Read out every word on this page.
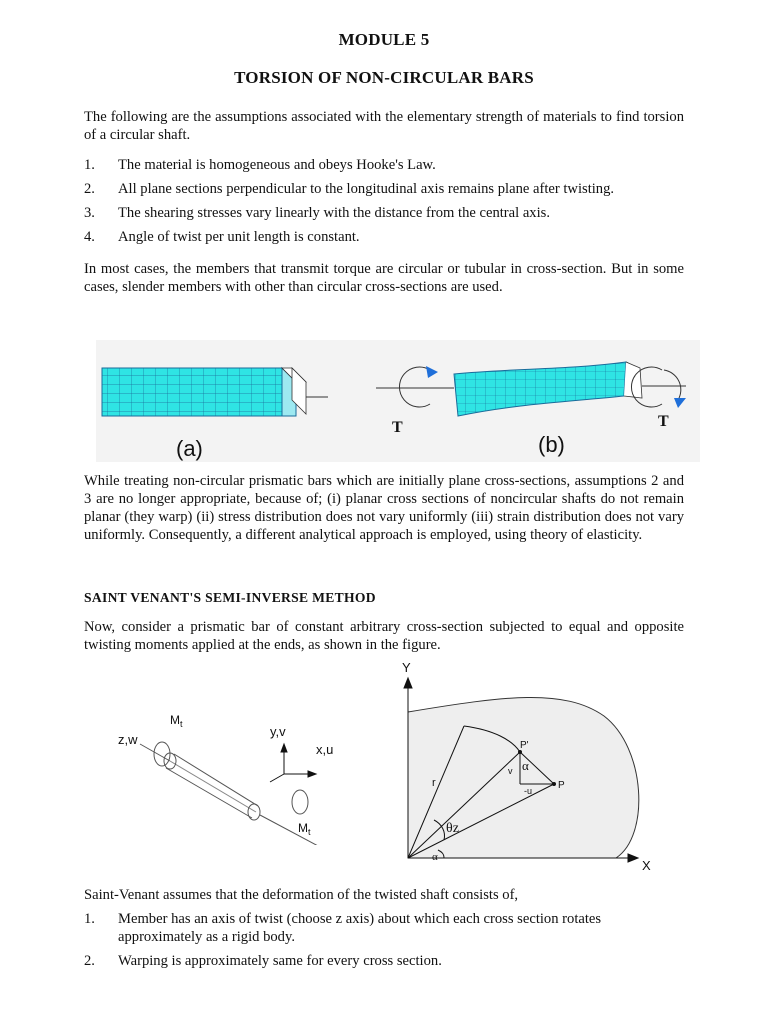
MODULE 5
TORSION OF NON-CIRCULAR BARS
The following are the assumptions associated with the elementary strength of materials to find torsion of a circular shaft.
1. The material is homogeneous and obeys Hooke's Law.
2. All plane sections perpendicular to the longitudinal axis remains plane after twisting.
3. The shearing stresses vary linearly with the distance from the central axis.
4. Angle of twist per unit length is constant.
In most cases, the members that transmit torque are circular or tubular in cross-section. But in some cases, slender members with other than circular cross-sections are used.
T	T
(a)	(b)
While treating non-circular prismatic bars which are initially plane cross-sections, assumptions 2 and 3 are no longer appropriate, because of; (i) planar cross sections of noncircular shafts do not remain planar (they warp) (ii) stress distribution does not vary uniformly (iii) strain distribution does not vary uniformly. Consequently, a different analytical approach is employed, using theory of elasticity.
SAINT VENANT'S SEMI-INVERSE METHOD
Now, consider a prismatic bar of constant arbitrary cross-section subjected to equal and opposite twisting moments applied at the ends, as shown in the figure.
z,w
$M_t$	y,v
x,u
$M_t$
Y
X
r
P'
P
v α
-u
θz
α
Saint-Venant assumes that the deformation of the twisted shaft consists of,
1. Member has an axis of twist (choose z axis) about which each cross section rotates approximately as a rigid body.
2. Warping is approximately same for every cross section.
